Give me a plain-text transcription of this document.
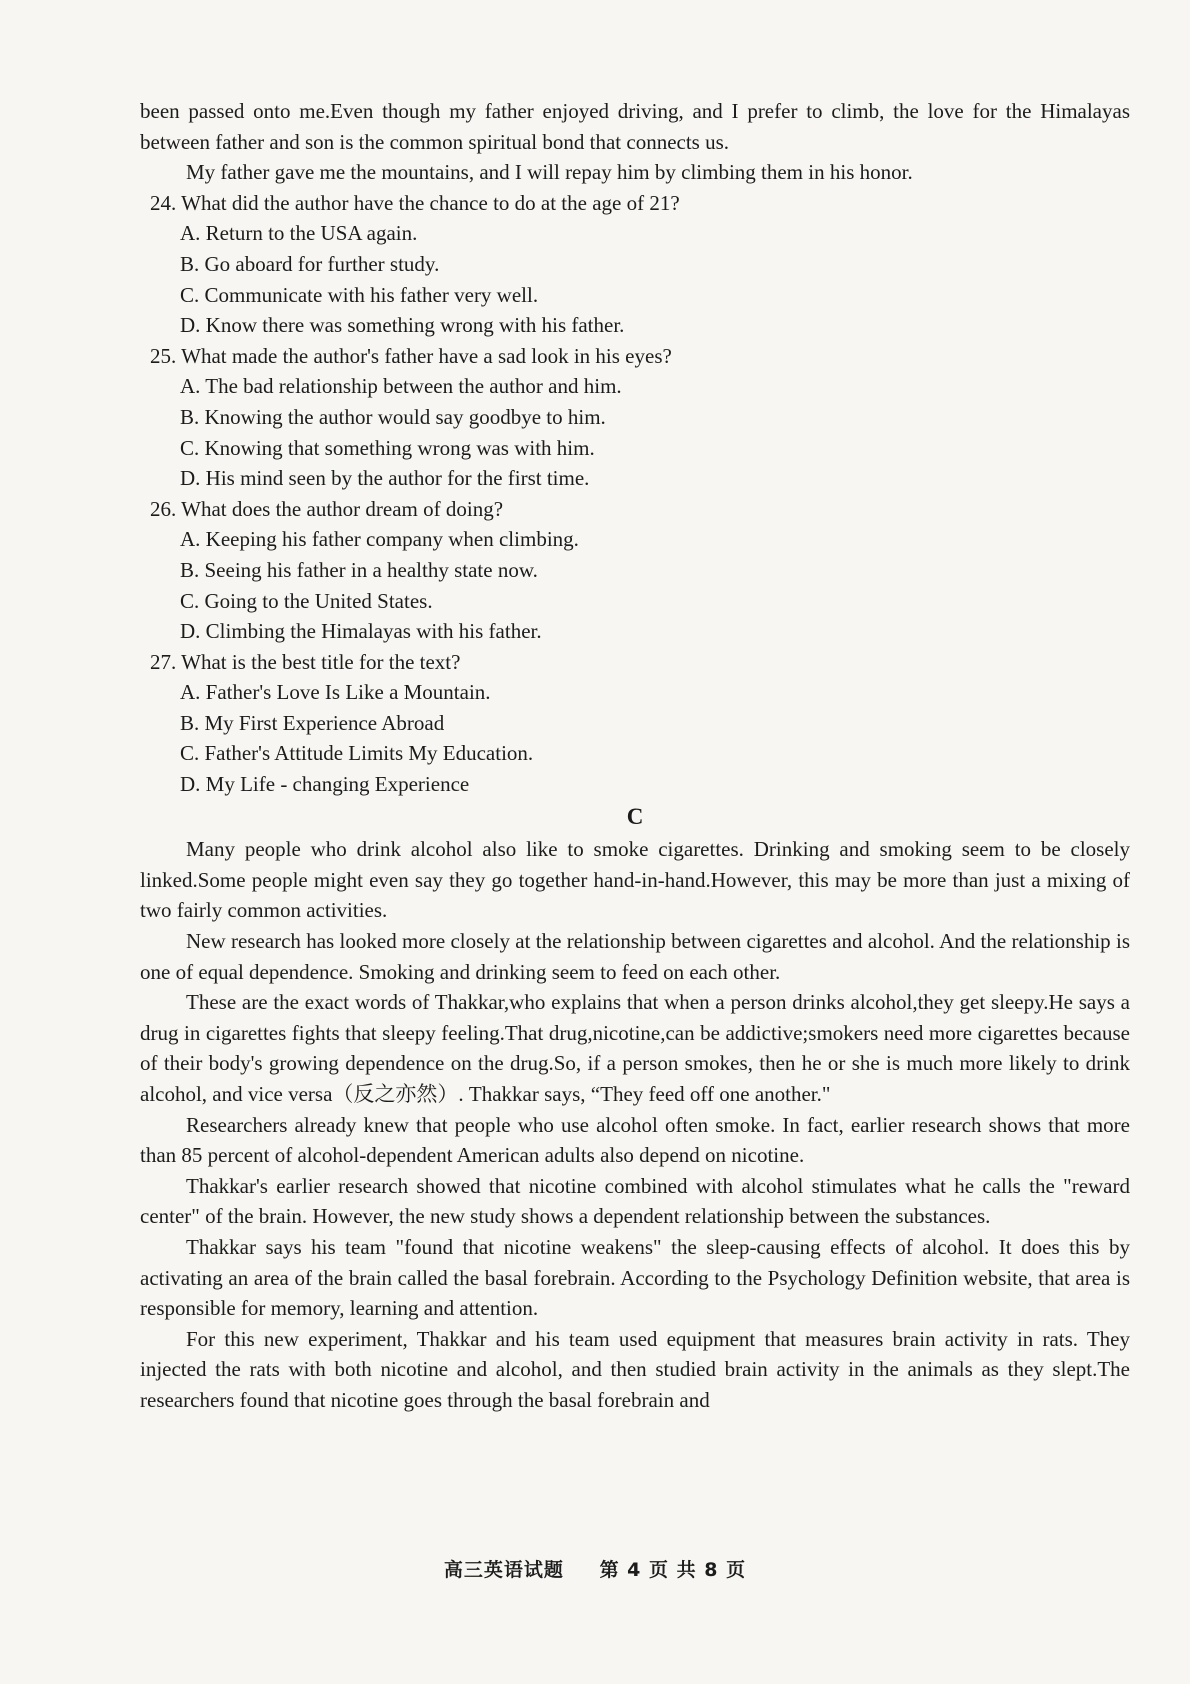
been passed onto me.Even though my father enjoyed driving, and I prefer to climb, the love for the Himalayas between father and son is the common spiritual bond that connects us.

My father gave me the mountains, and I will repay him by climbing them in his honor.

24. What did the author have the chance to do at the age of 21?

A. Return to the USA again.

B. Go aboard for further study.

C. Communicate with his father very well.

D. Know there was something wrong with his father.

25. What made the author's father have a sad look in his eyes?

A. The bad relationship between the author and him.

B. Knowing the author would say goodbye to him.

C. Knowing that something wrong was with him.

D. His mind seen by the author for the first time.

26. What does the author dream of doing?

A. Keeping his father company when climbing.

B. Seeing his father in a healthy state now.

C. Going to the United States.

D. Climbing the Himalayas with his father.

27. What is the best title for the text?

A. Father's Love Is Like a Mountain.

B. My First Experience Abroad

C. Father's Attitude Limits My Education.

D. My Life - changing Experience

C

Many people who drink alcohol also like to smoke cigarettes. Drinking and smoking seem to be closely linked.Some people might even say they go together hand-in-hand.However, this may be more than just a mixing of two fairly common activities.

New research has looked more closely at the relationship between cigarettes and alcohol. And the relationship is one of equal dependence. Smoking and drinking seem to feed on each other.

These are the exact words of Thakkar,who explains that when a person drinks alcohol,they get sleepy.He says a drug in cigarettes fights that sleepy feeling.That drug,nicotine,can be addictive;smokers need more cigarettes because of their body's growing dependence on the drug.So, if a person smokes, then he or she is much more likely to drink alcohol, and vice versa（反之亦然）. Thakkar says, “They feed off one another."

Researchers already knew that people who use alcohol often smoke. In fact, earlier research shows that more than 85 percent of alcohol-dependent American adults also depend on nicotine.

Thakkar's earlier research showed that nicotine combined with alcohol stimulates what he calls the "reward center" of the brain. However, the new study shows a dependent relationship between the substances.

Thakkar says his team "found that nicotine weakens" the sleep-causing effects of alcohol. It does this by activating an area of the brain called the basal forebrain. According to the Psychology Definition website, that area is responsible for memory, learning and attention.

For this new experiment, Thakkar and his team used equipment that measures brain activity in rats. They injected the rats with both nicotine and alcohol, and then studied brain activity in the animals as they slept.The researchers found that nicotine goes through the basal forebrain and

高三英语试题 第 4 页 共 8 页
